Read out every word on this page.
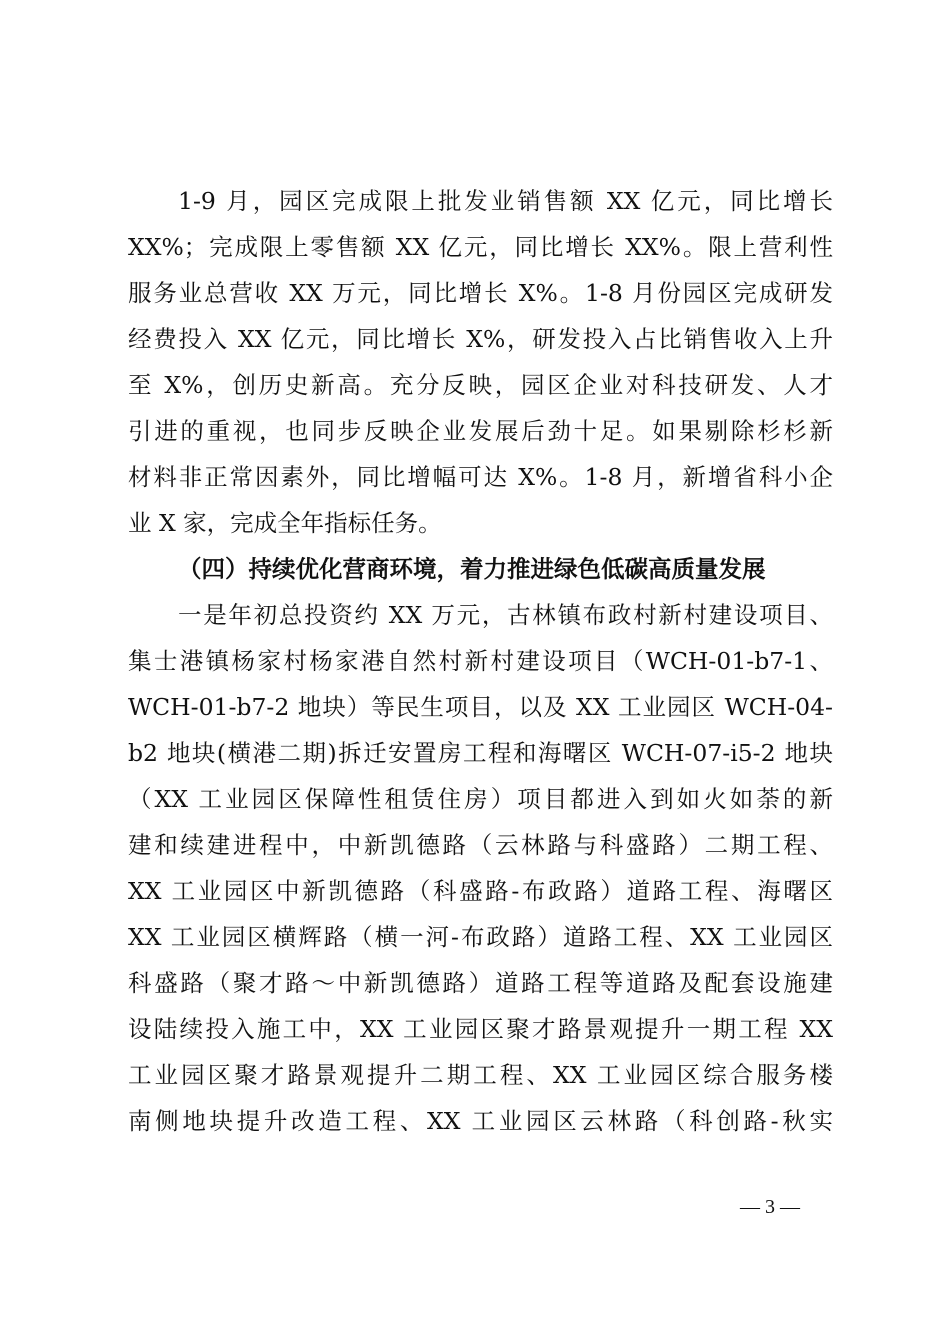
1-9 月，园区完成限上批发业销售额 XX 亿元，同比增长
XX%；完成限上零售额 XX 亿元，同比增长 XX%。限上营利性
服务业总营收 XX 万元，同比增长 X%。1-8 月份园区完成研发
经费投入 XX 亿元，同比增长 X%，研发投入占比销售收入上升
至 X%，创历史新高。充分反映，园区企业对科技研发、人才
引进的重视，也同步反映企业发展后劲十足。如果剔除杉杉新
材料非正常因素外，同比增幅可达 X%。1-8 月，新增省科小企
业 X 家，完成全年指标任务。
（四）持续优化营商环境，着力推进绿色低碳高质量发展
一是年初总投资约 XX 万元，古林镇布政村新村建设项目、
集士港镇杨家村杨家港自然村新村建设项目（WCH-01-b7-1、
WCH-01-b7-2 地块）等民生项目，以及 XX 工业园区 WCH-04-
b2 地块(横港二期)拆迁安置房工程和海曙区 WCH-07-i5-2 地块
（XX 工业园区保障性租赁住房）项目都进入到如火如荼的新
建和续建进程中，中新凯德路（云林路与科盛路）二期工程、
XX 工业园区中新凯德路（科盛路-布政路）道路工程、海曙区
XX 工业园区横辉路（横一河-布政路）道路工程、XX 工业园区
科盛路（聚才路～中新凯德路）道路工程等道路及配套设施建
设陆续投入施工中，XX 工业园区聚才路景观提升一期工程 XX
工业园区聚才路景观提升二期工程、XX 工业园区综合服务楼
南侧地块提升改造工程、XX 工业园区云林路（科创路-秋实
— 3 —
